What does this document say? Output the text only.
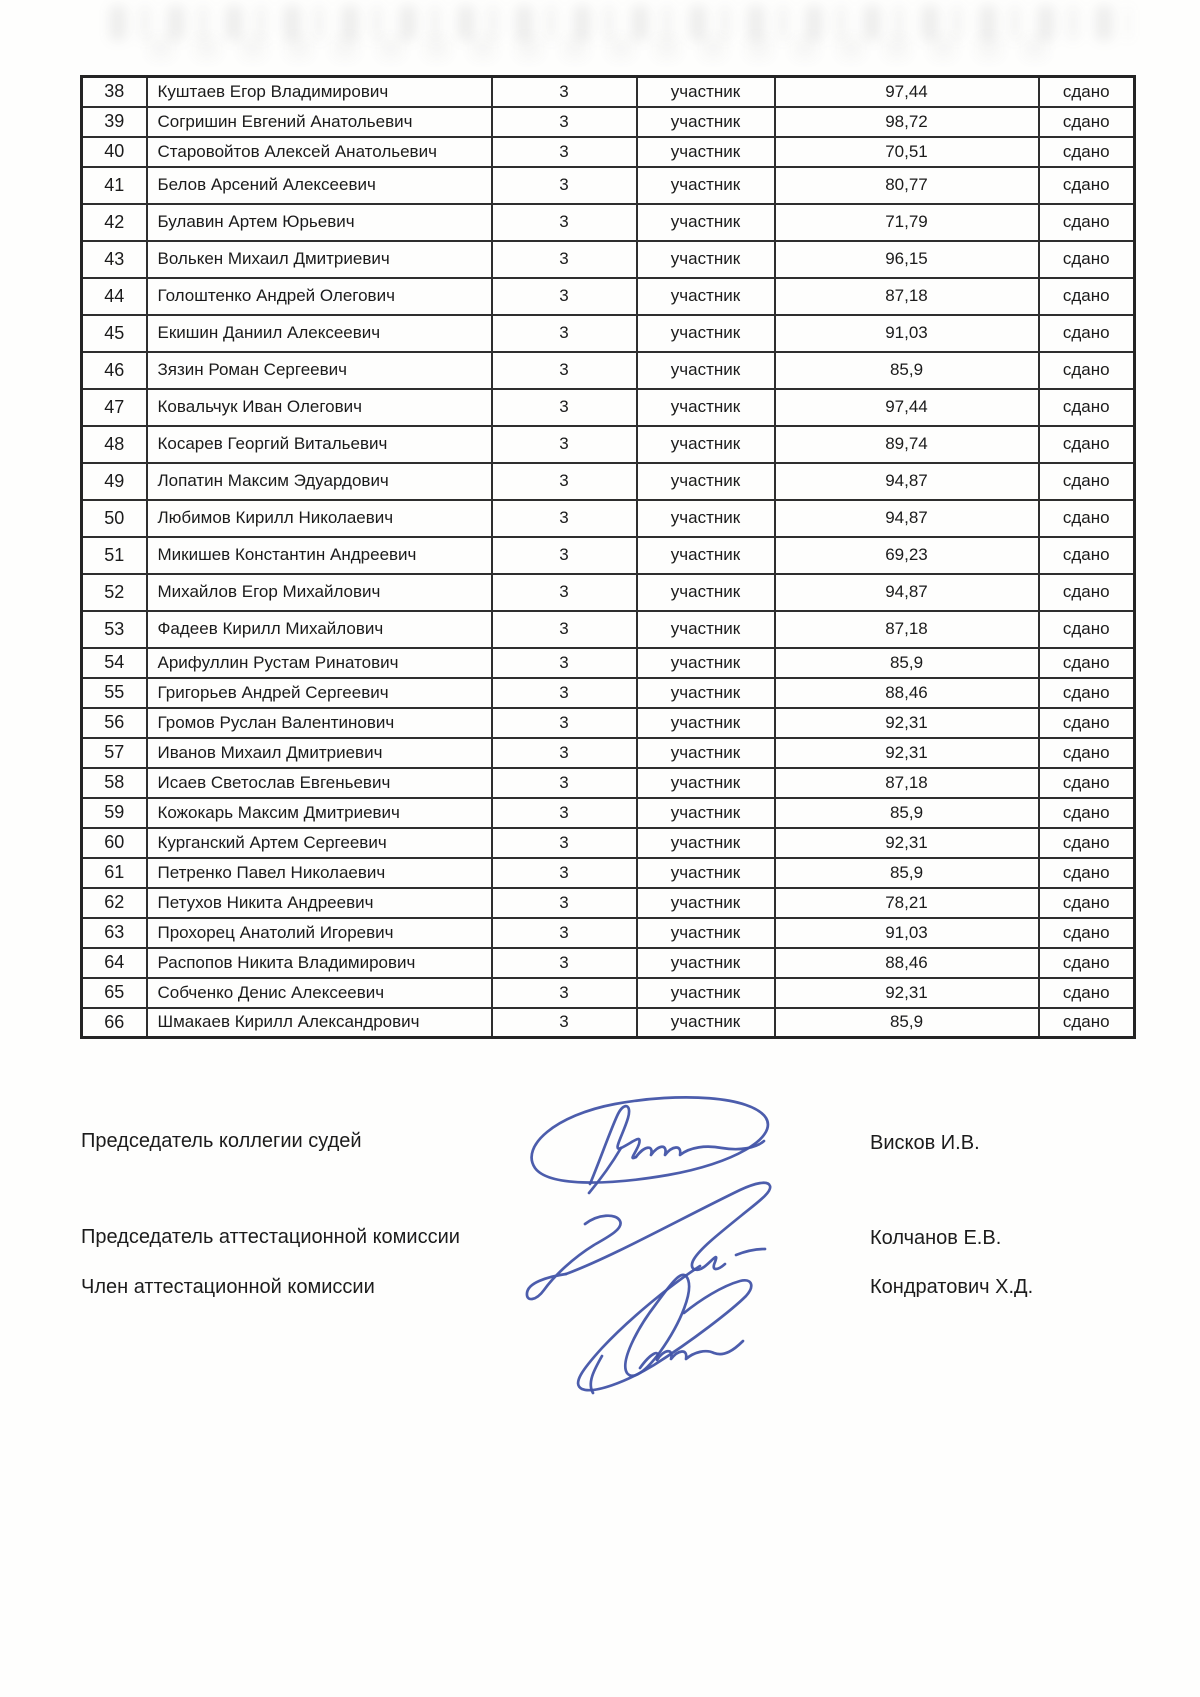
38	Куштаев Егор Владимирович	3	участник	97,44	сдано
39	Согришин Евгений Анатольевич	3	участник	98,72	сдано
40	Старовойтов Алексей Анатольевич	3	участник	70,51	сдано
41	Белов Арсений Алексеевич	3	участник	80,77	сдано
42	Булавин Артем Юрьевич	3	участник	71,79	сдано
43	Волькен Михаил Дмитриевич	3	участник	96,15	сдано
44	Голоштенко Андрей Олегович	3	участник	87,18	сдано
45	Екишин Даниил Алексеевич	3	участник	91,03	сдано
46	Зязин Роман Сергеевич	3	участник	85,9	сдано
47	Ковальчук Иван Олегович	3	участник	97,44	сдано
48	Косарев Георгий Витальевич	3	участник	89,74	сдано
49	Лопатин Максим Эдуардович	3	участник	94,87	сдано
50	Любимов Кирилл Николаевич	3	участник	94,87	сдано
51	Микишев Константин Андреевич	3	участник	69,23	сдано
52	Михайлов Егор Михайлович	3	участник	94,87	сдано
53	Фадеев Кирилл Михайлович	3	участник	87,18	сдано
54	Арифуллин Рустам Ринатович	3	участник	85,9	сдано
55	Григорьев Андрей Сергеевич	3	участник	88,46	сдано
56	Громов Руслан Валентинович	3	участник	92,31	сдано
57	Иванов Михаил Дмитриевич	3	участник	92,31	сдано
58	Исаев Светослав Евгеньевич	3	участник	87,18	сдано
59	Кожокарь Максим Дмитриевич	3	участник	85,9	сдано
60	Курганский Артем Сергеевич	3	участник	92,31	сдано
61	Петренко Павел Николаевич	3	участник	85,9	сдано
62	Петухов Никита Андреевич	3	участник	78,21	сдано
63	Прохорец Анатолий Игоревич	3	участник	91,03	сдано
64	Распопов Никита Владимирович	3	участник	88,46	сдано
65	Собченко Денис Алексеевич	3	участник	92,31	сдано
66	Шмакаев Кирилл Александрович	3	участник	85,9	сдано
Председатель коллегии судей	Висков И.В.
Председатель аттестационной комиссии	Колчанов Е.В.
Член аттестационной комиссии	Кондратович Х.Д.
